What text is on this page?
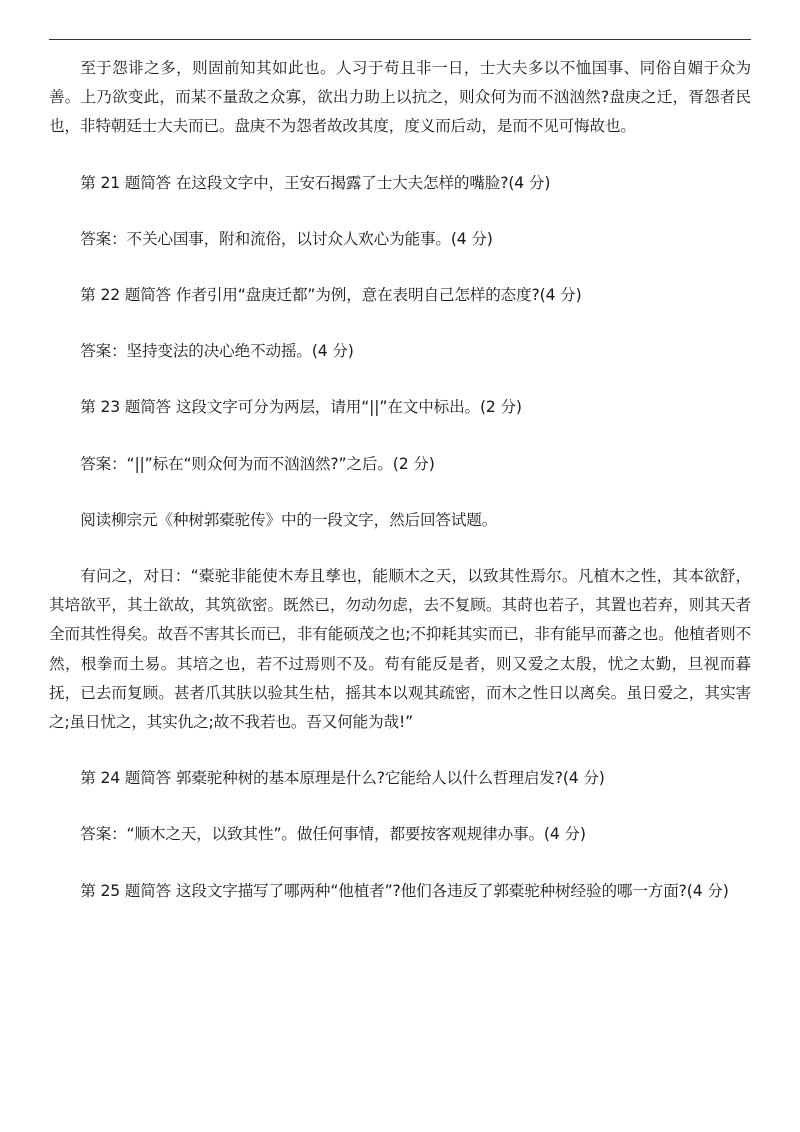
至于怨诽之多，则固前知其如此也。人习于苟且非一日，士大夫多以不恤国事、同俗自媚于众为善。上乃欲变此，而某不量敌之众寡，欲出力助上以抗之，则众何为而不汹汹然?盘庚之迁，胥怨者民也，非特朝廷士大夫而已。盘庚不为怨者故改其度，度义而后动，是而不见可悔故也。

第 21 题简答 在这段文字中，王安石揭露了士大夫怎样的嘴脸?(4 分)

答案：不关心国事，附和流俗，以讨众人欢心为能事。(4 分)

第 22 题简答 作者引用“盘庚迁都”为例，意在表明自己怎样的态度?(4 分)

答案：坚持变法的决心绝不动摇。(4 分)

第 23 题简答 这段文字可分为两层，请用“||”在文中标出。(2 分)

答案：“||”标在“则众何为而不汹汹然?”之后。(2 分)

阅读柳宗元《种树郭橐驼传》中的一段文字，然后回答试题。

有问之，对日：“橐驼非能使木寿且孳也，能顺木之天，以致其性焉尔。凡植木之性，其本欲舒，其培欲平，其土欲故，其筑欲密。既然已，勿动勿虑，去不复顾。其莳也若子，其置也若弃，则其天者全而其性得矣。故吾不害其长而已，非有能硕茂之也;不抑耗其实而已，非有能早而蕃之也。他植者则不然，根拳而土易。其培之也，若不过焉则不及。苟有能反是者，则又爱之太殷，忧之太勤，旦视而暮抚，已去而复顾。甚者爪其肤以验其生枯，摇其本以观其疏密，而木之性日以离矣。虽日爱之，其实害之;虽日忧之，其实仇之;故不我若也。吾又何能为哉!”

第 24 题简答 郭橐驼种树的基本原理是什么?它能给人以什么哲理启发?(4 分)

答案：“顺木之天，以致其性”。做任何事情，都要按客观规律办事。(4 分)

第 25 题简答 这段文字描写了哪两种“他植者”?他们各违反了郭橐驼种树经验的哪一方面?(4 分)
